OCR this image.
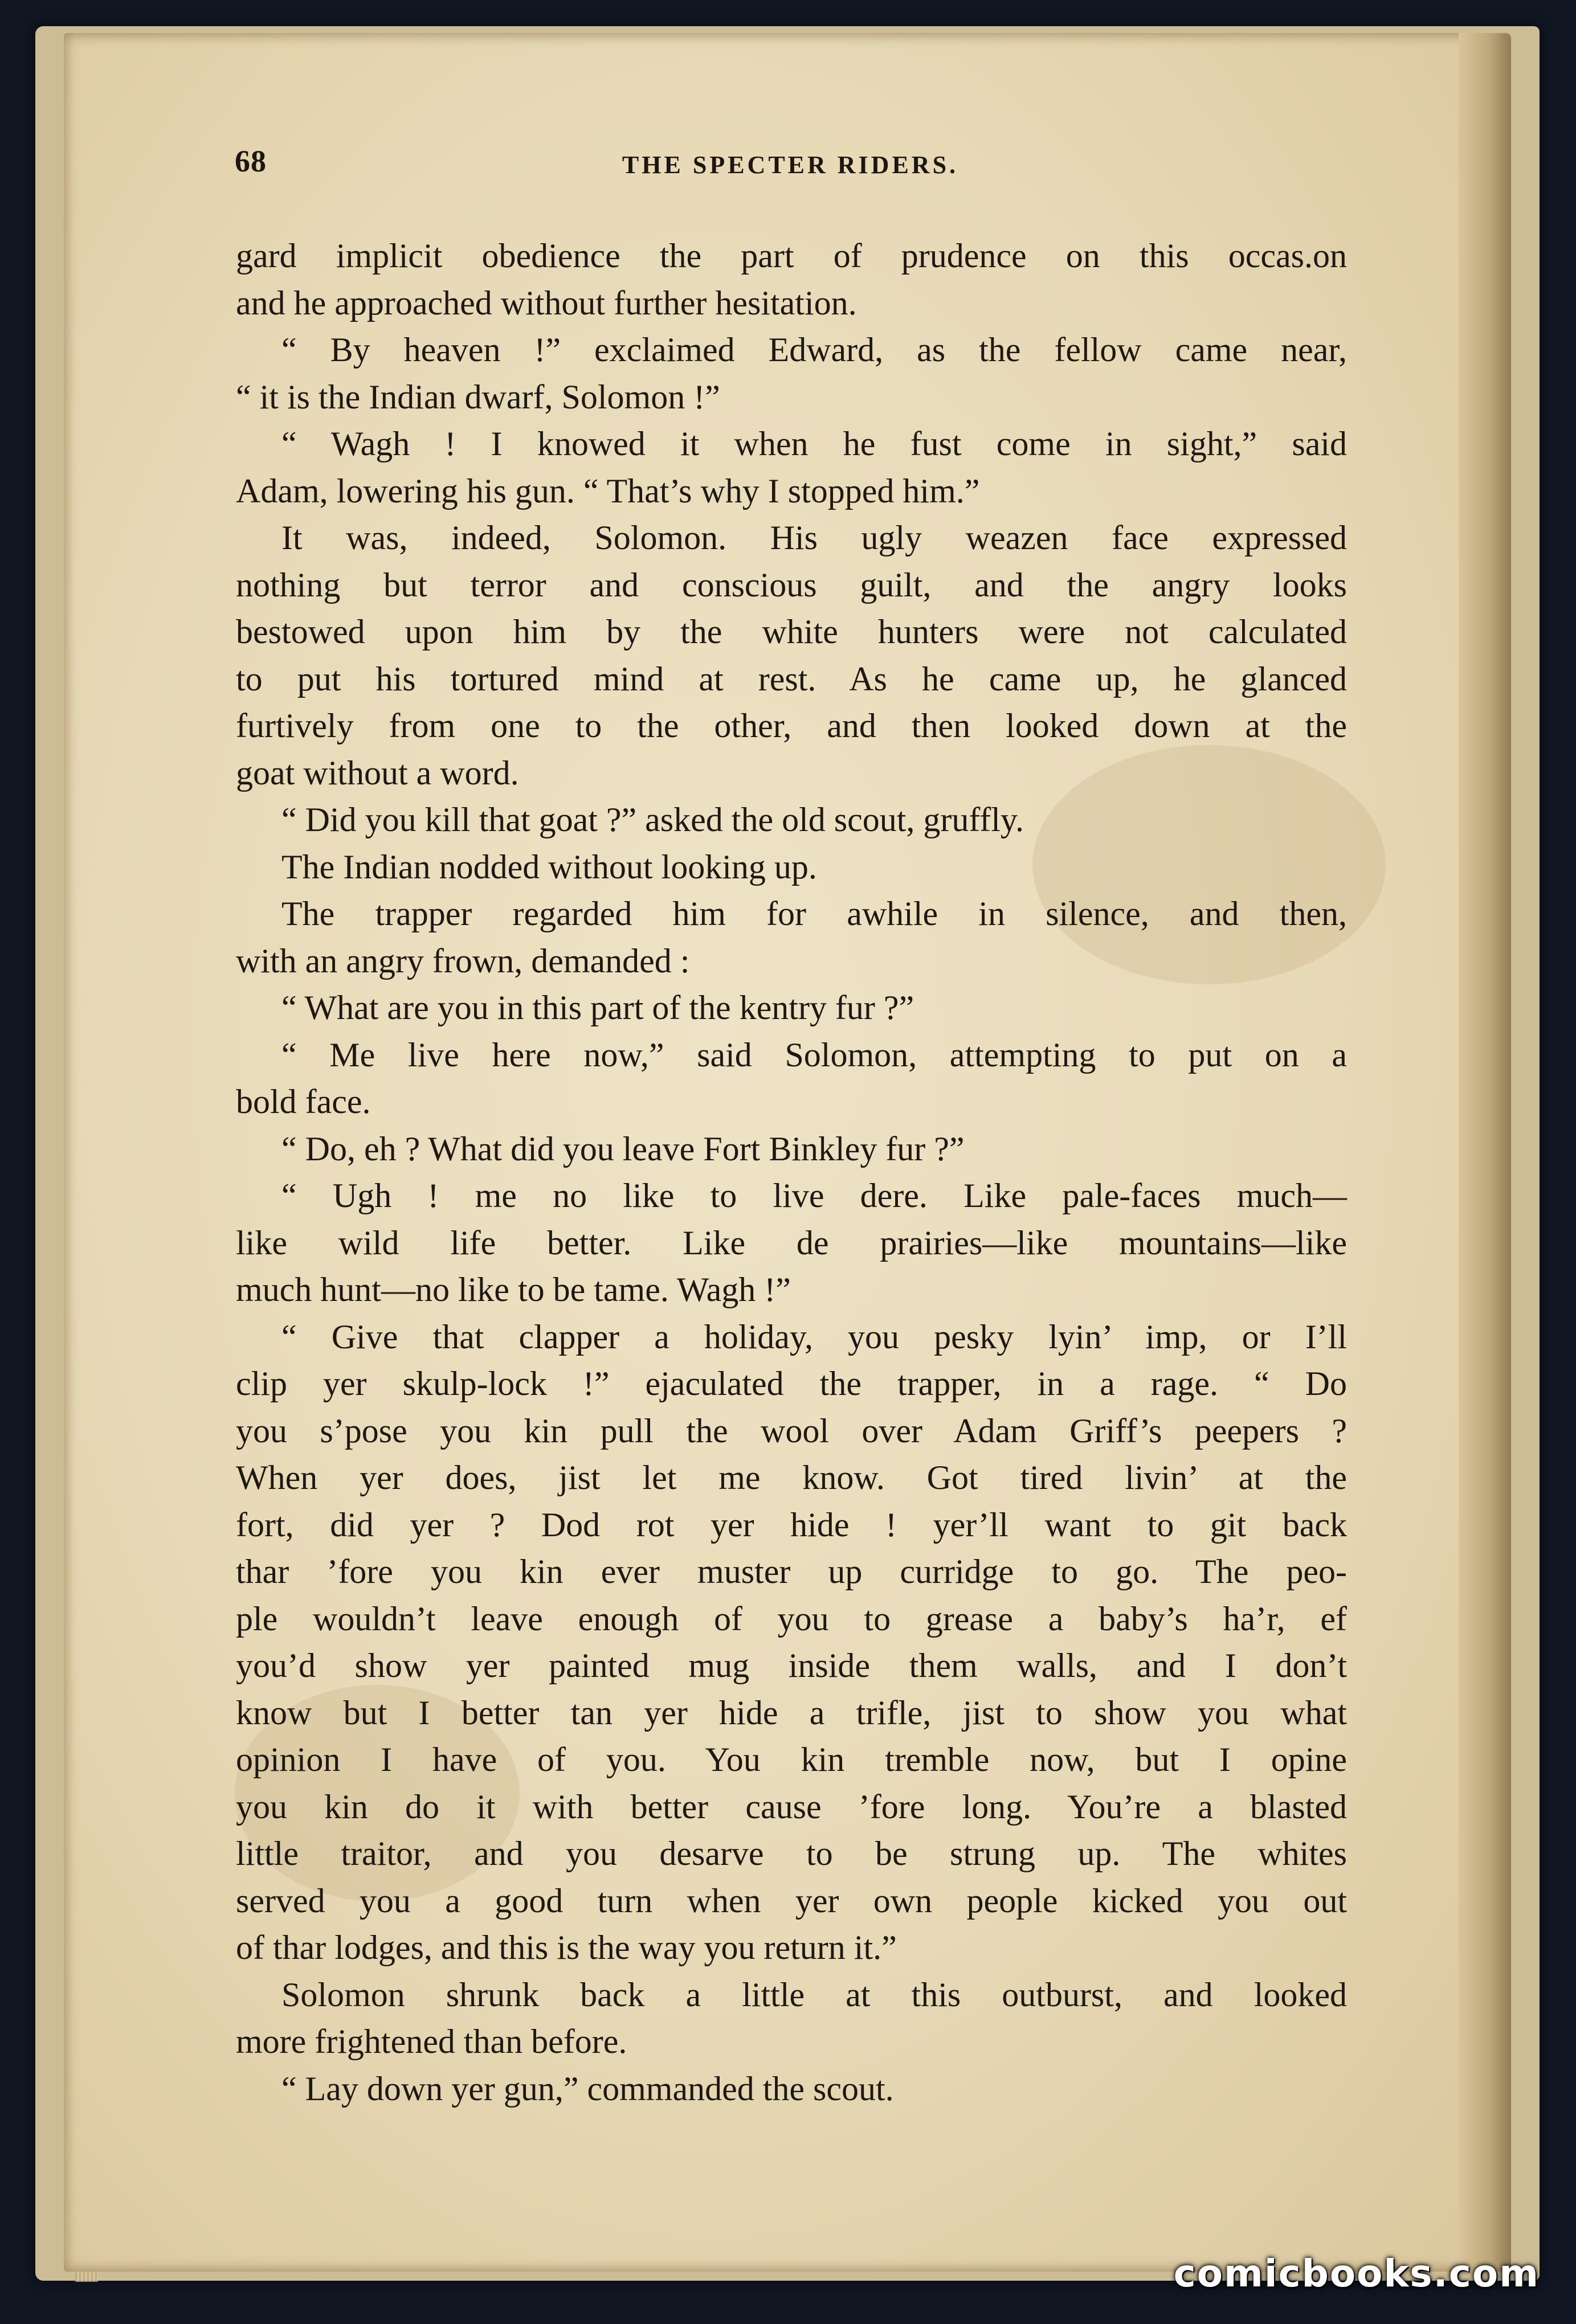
68	THE SPECTER RIDERS.
gard implicit obedience the part of prudence on this occas.on
and he approached without further hesitation.
“ By heaven !” exclaimed Edward, as the fellow came near,
“ it is the Indian dwarf, Solomon !”
“ Wagh ! I knowed it when he fust come in sight,” said
Adam, lowering his gun. “ That’s why I stopped him.”
It was, indeed, Solomon. His ugly weazen face expressed
nothing but terror and conscious guilt, and the angry looks
bestowed upon him by the white hunters were not calculated
to put his tortured mind at rest. As he came up, he glanced
furtively from one to the other, and then looked down at the
goat without a word.
“ Did you kill that goat ?” asked the old scout, gruffly.
The Indian nodded without looking up.
The trapper regarded him for awhile in silence, and then,
with an angry frown, demanded :
“ What are you in this part of the kentry fur ?”
“ Me live here now,” said Solomon, attempting to put on a
bold face.
“ Do, eh ? What did you leave Fort Binkley fur ?”
“ Ugh ! me no like to live dere. Like pale-faces much—
like wild life better. Like de prairies—like mountains—like
much hunt—no like to be tame. Wagh !”
“ Give that clapper a holiday, you pesky lyin’ imp, or I’ll
clip yer skulp-lock !” ejaculated the trapper, in a rage. “ Do
you s’pose you kin pull the wool over Adam Griff’s peepers ?
When yer does, jist let me know. Got tired livin’ at the
fort, did yer ? Dod rot yer hide ! yer’ll want to git back
thar ’fore you kin ever muster up curridge to go. The peo-
ple wouldn’t leave enough of you to grease a baby’s ha’r, ef
you’d show yer painted mug inside them walls, and I don’t
know but I better tan yer hide a trifle, jist to show you what
opinion I have of you. You kin tremble now, but I opine
you kin do it with better cause ’fore long. You’re a blasted
little traitor, and you desarve to be strung up. The whites
served you a good turn when yer own people kicked you out
of thar lodges, and this is the way you return it.”
Solomon shrunk back a little at this outburst, and looked
more frightened than before.
“ Lay down yer gun,” commanded the scout.
comicbooks.com
